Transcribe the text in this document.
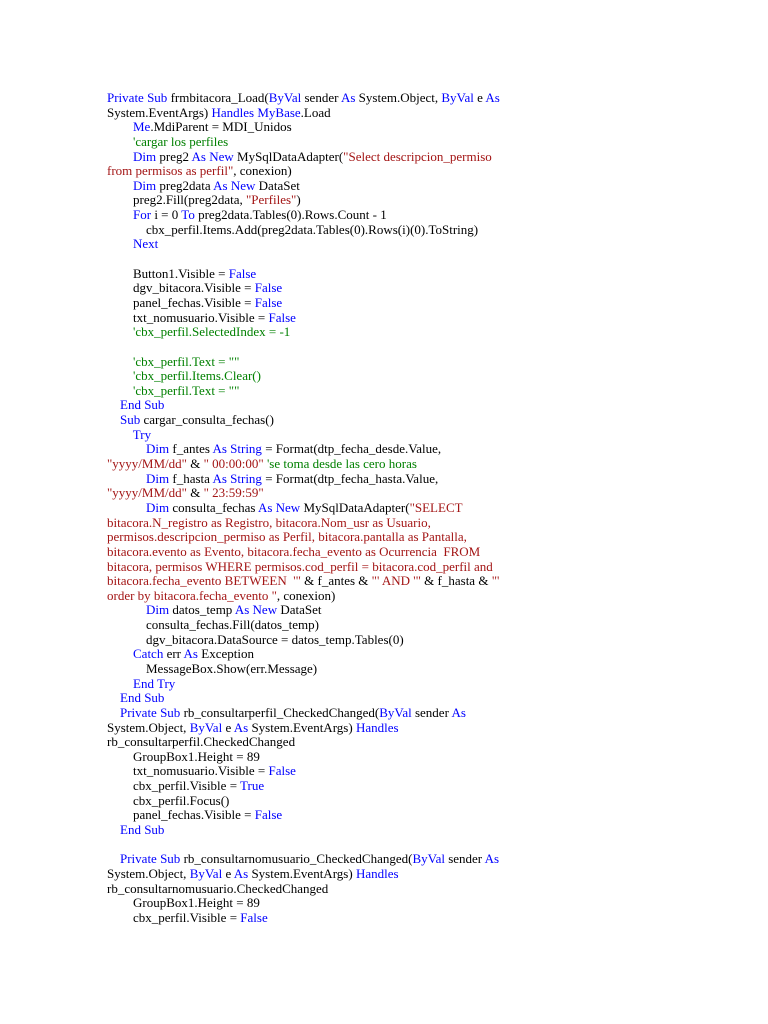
Private Sub frmbitacora_Load(ByVal sender As System.Object, ByVal e As
System.EventArgs) Handles MyBase.Load
Me.MdiParent = MDI_Unidos
'cargar los perfiles
Dim preg2 As New MySqlDataAdapter("Select descripcion_permiso
from permisos as perfil", conexion)
Dim preg2data As New DataSet
preg2.Fill(preg2data, "Perfiles")
For i = 0 To preg2data.Tables(0).Rows.Count - 1
cbx_perfil.Items.Add(preg2data.Tables(0).Rows(i)(0).ToString)
Next
Button1.Visible = False
dgv_bitacora.Visible = False
panel_fechas.Visible = False
txt_nomusuario.Visible = False
'cbx_perfil.SelectedIndex = -1
'cbx_perfil.Text = ""
'cbx_perfil.Items.Clear()
'cbx_perfil.Text = ""
End Sub
Sub cargar_consulta_fechas()
Try
Dim f_antes As String = Format(dtp_fecha_desde.Value,
"yyyy/MM/dd" & " 00:00:00" 'se toma desde las cero horas
Dim f_hasta As String = Format(dtp_fecha_hasta.Value,
"yyyy/MM/dd" & " 23:59:59"
Dim consulta_fechas As New MySqlDataAdapter("SELECT
bitacora.N_registro as Registro, bitacora.Nom_usr as Usuario,
permisos.descripcion_permiso as Perfil, bitacora.pantalla as Pantalla,
bitacora.evento as Evento, bitacora.fecha_evento as Ocurrencia  FROM
bitacora, permisos WHERE permisos.cod_perfil = bitacora.cod_perfil and
bitacora.fecha_evento BETWEEN  '" & f_antes & "' AND '" & f_hasta & "'
order by bitacora.fecha_evento ", conexion)
Dim datos_temp As New DataSet
consulta_fechas.Fill(datos_temp)
dgv_bitacora.DataSource = datos_temp.Tables(0)
Catch err As Exception
MessageBox.Show(err.Message)
End Try
End Sub
Private Sub rb_consultarperfil_CheckedChanged(ByVal sender As
System.Object, ByVal e As System.EventArgs) Handles
rb_consultarperfil.CheckedChanged
GroupBox1.Height = 89
txt_nomusuario.Visible = False
cbx_perfil.Visible = True
cbx_perfil.Focus()
panel_fechas.Visible = False
End Sub
Private Sub rb_consultarnomusuario_CheckedChanged(ByVal sender As
System.Object, ByVal e As System.EventArgs) Handles
rb_consultarnomusuario.CheckedChanged
GroupBox1.Height = 89
cbx_perfil.Visible = False
